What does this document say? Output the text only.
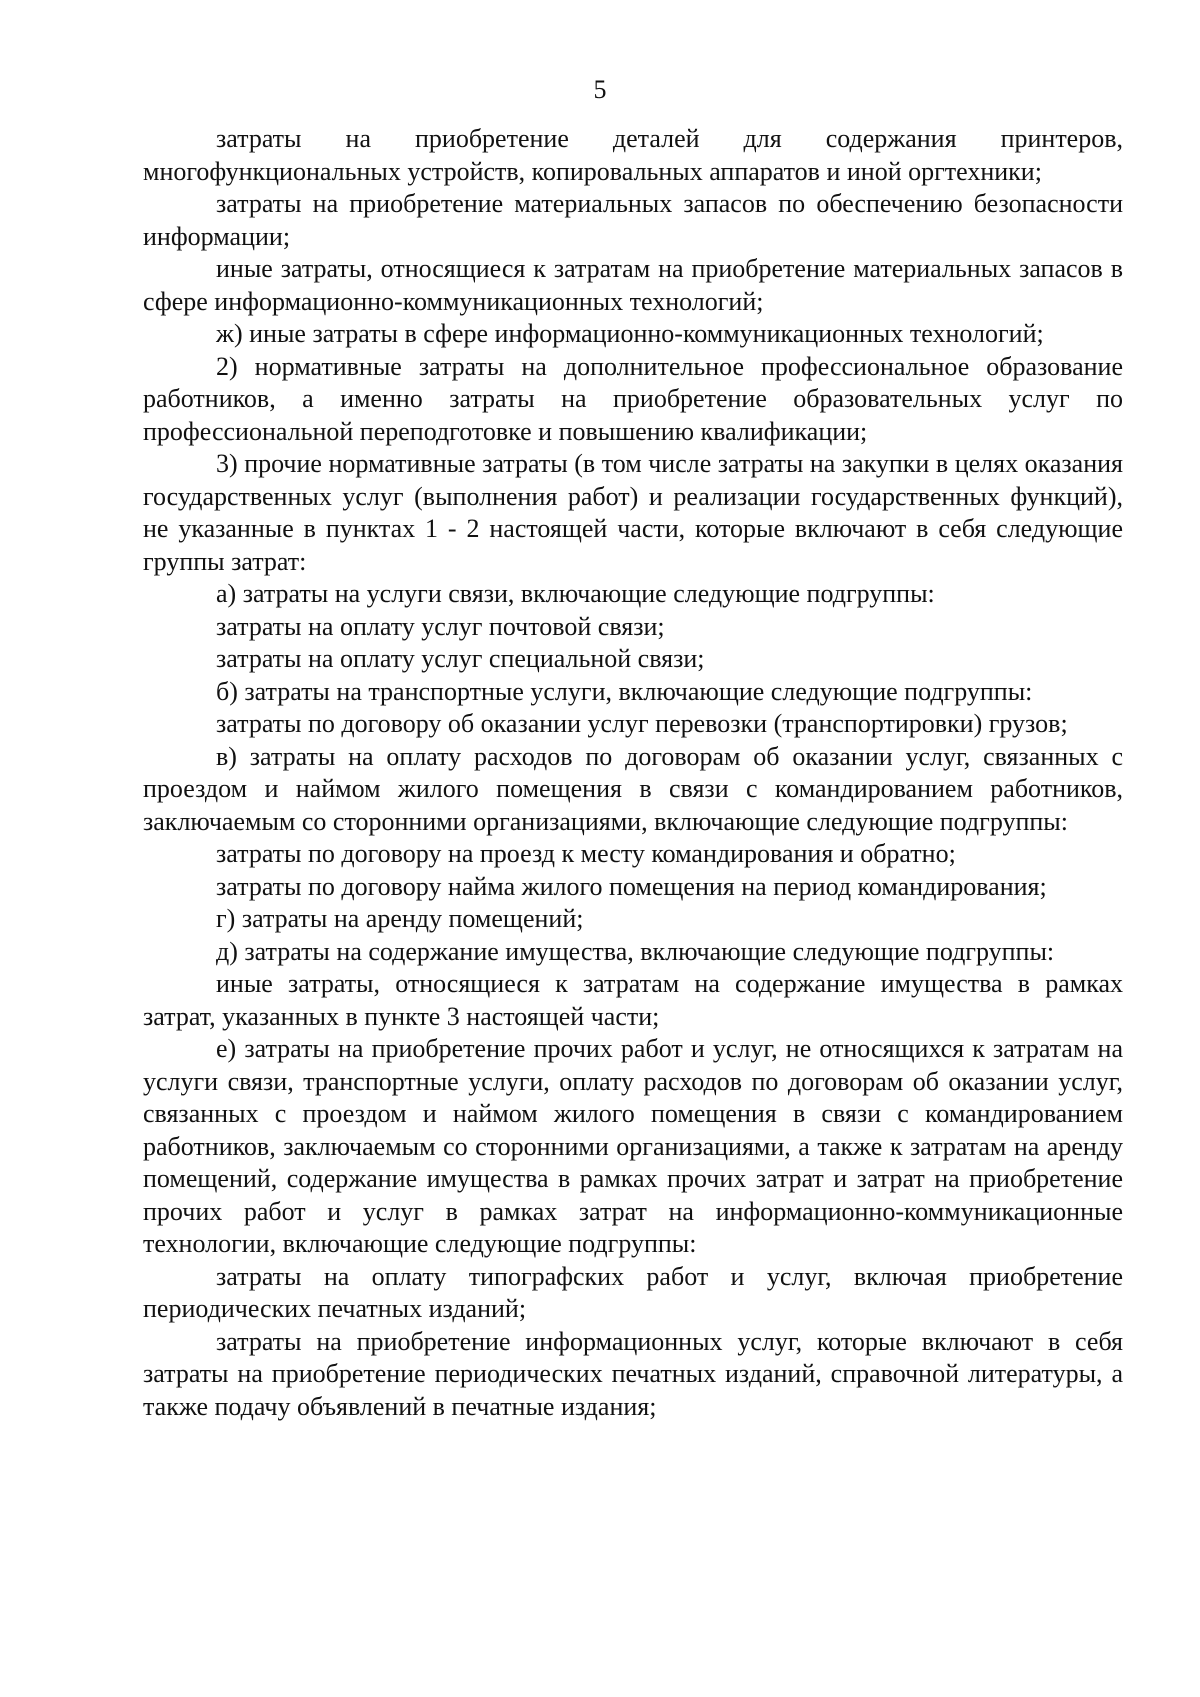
5

затраты на приобретение деталей для содержания принтеров, многофункциональных устройств, копировальных аппаратов и иной оргтехники;

затраты на приобретение материальных запасов по обеспечению безопасности информации;

иные затраты, относящиеся к затратам на приобретение материальных запасов в сфере информационно-коммуникационных технологий;

ж) иные затраты в сфере информационно-коммуникационных технологий;

2) нормативные затраты на дополнительное профессиональное образование работников, а именно затраты на приобретение образовательных услуг по профессиональной переподготовке и повышению квалификации;

3) прочие нормативные затраты (в том числе затраты на закупки в целях оказания государственных услуг (выполнения работ) и реализации государственных функций), не указанные в пунктах 1 - 2 настоящей части, которые включают в себя следующие группы затрат:

а) затраты на услуги связи, включающие следующие подгруппы:

затраты на оплату услуг почтовой связи;

затраты на оплату услуг специальной связи;

б) затраты на транспортные услуги, включающие следующие подгруппы:

затраты по договору об оказании услуг перевозки (транспортировки) грузов;

в) затраты на оплату расходов по договорам об оказании услуг, связанных с проездом и наймом жилого помещения в связи с командированием работников, заключаемым со сторонними организациями, включающие следующие подгруппы:

затраты по договору на проезд к месту командирования и обратно;

затраты по договору найма жилого помещения на период командирования;

г) затраты на аренду помещений;

д) затраты на содержание имущества, включающие следующие подгруппы:

иные затраты, относящиеся к затратам на содержание имущества в рамках затрат, указанных в пункте 3 настоящей части;

е) затраты на приобретение прочих работ и услуг, не относящихся к затратам на услуги связи, транспортные услуги, оплату расходов по договорам об оказании услуг, связанных с проездом и наймом жилого помещения в связи с командированием работников, заключаемым со сторонними организациями, а также к затратам на аренду помещений, содержание имущества в рамках прочих затрат и затрат на приобретение прочих работ и услуг в рамках затрат на информационно-коммуникационные технологии, включающие следующие подгруппы:

затраты на оплату типографских работ и услуг, включая приобретение периодических печатных изданий;

затраты на приобретение информационных услуг, которые включают в себя затраты на приобретение периодических печатных изданий, справочной литературы, а также подачу объявлений в печатные издания;
